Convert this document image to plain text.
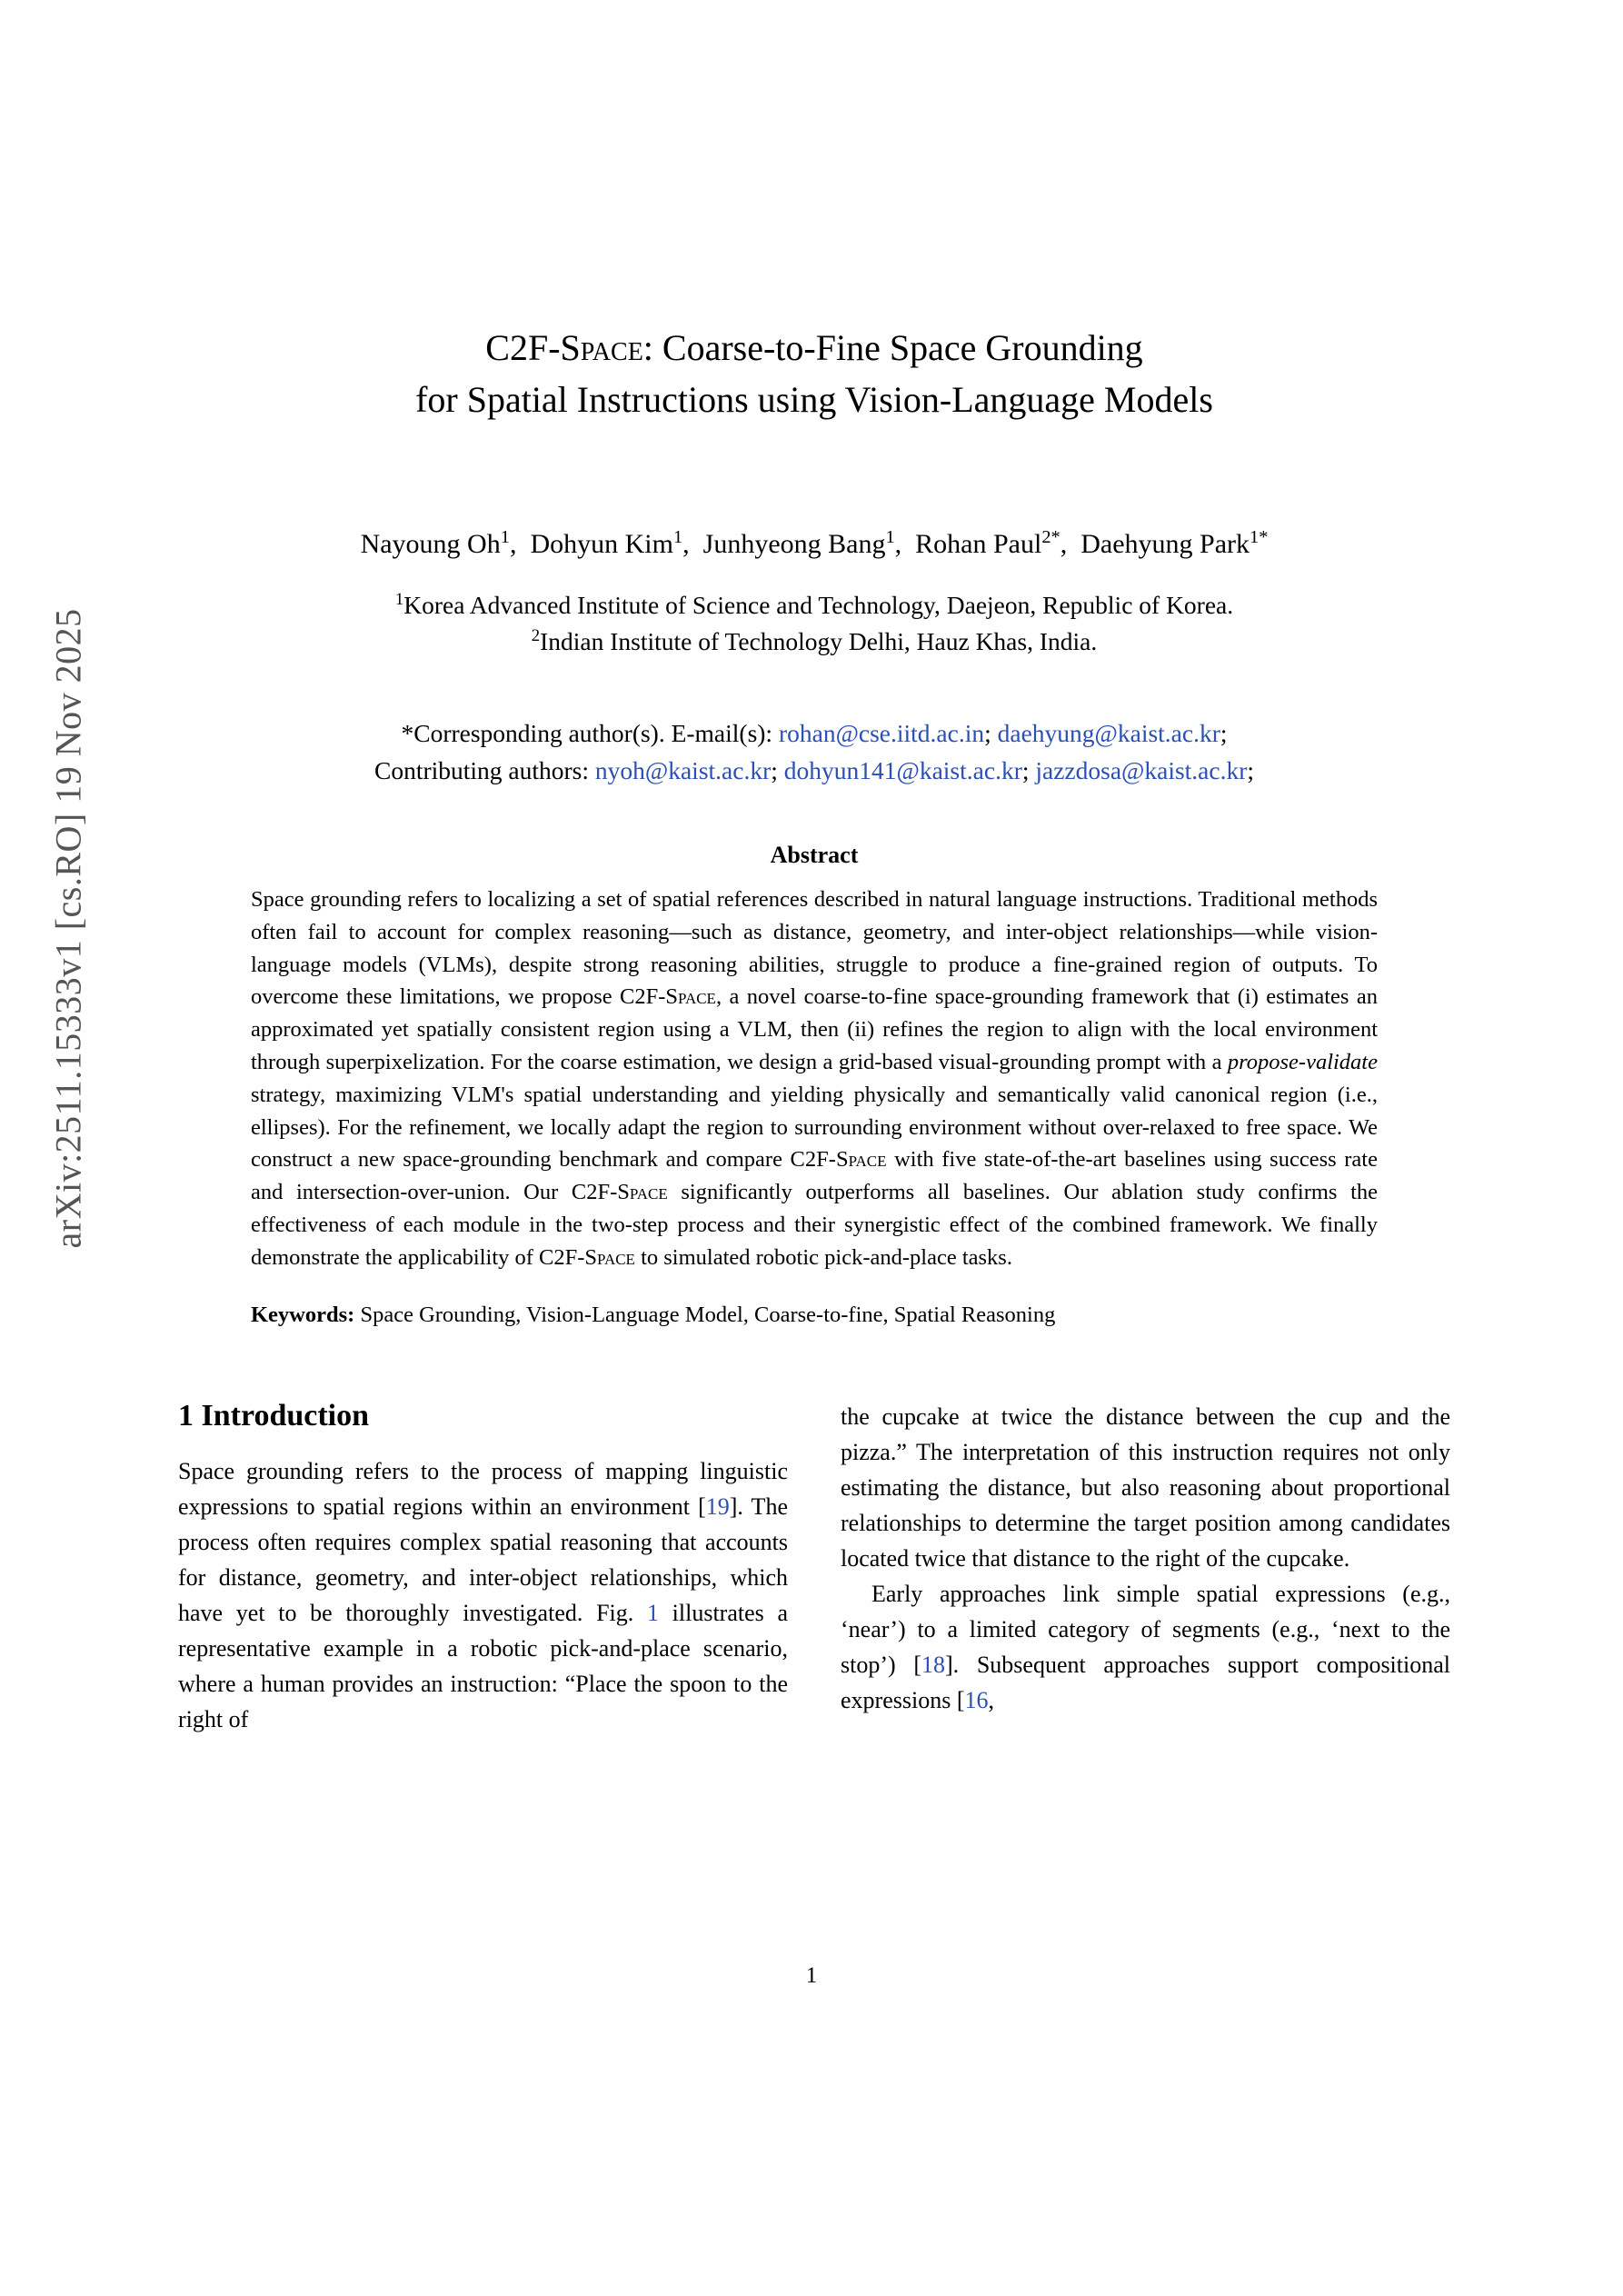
arXiv:2511.15333v1 [cs.RO] 19 Nov 2025
C2F-Space: Coarse-to-Fine Space Grounding
for Spatial Instructions using Vision-Language Models
Nayoung Oh$^1$,  Dohyun Kim$^1$,  Junhyeong Bang$^1$,  Rohan Paul$^{2*}$,  Daehyung Park$^{1*}$
$^1$Korea Advanced Institute of Science and Technology, Daejeon, Republic of Korea.
$^2$Indian Institute of Technology Delhi, Hauz Khas, India.
*Corresponding author(s). E-mail(s): rohan@cse.iitd.ac.in; daehyung@kaist.ac.kr;
Contributing authors: nyoh@kaist.ac.kr; dohyun141@kaist.ac.kr; jazzdosa@kaist.ac.kr;
Abstract
Space grounding refers to localizing a set of spatial references described in natural language instructions. Traditional methods often fail to account for complex reasoning—such as distance, geometry, and inter-object relationships—while vision-language models (VLMs), despite strong reasoning abilities, struggle to produce a fine-grained region of outputs. To overcome these limitations, we propose C2F-Space, a novel coarse-to-fine space-grounding framework that (i) estimates an approximated yet spatially consistent region using a VLM, then (ii) refines the region to align with the local environment through superpixelization. For the coarse estimation, we design a grid-based visual-grounding prompt with a propose-validate strategy, maximizing VLM's spatial understanding and yielding physically and semantically valid canonical region (i.e., ellipses). For the refinement, we locally adapt the region to surrounding environment without over-relaxed to free space. We construct a new space-grounding benchmark and compare C2F-Space with five state-of-the-art baselines using success rate and intersection-over-union. Our C2F-Space significantly outperforms all baselines. Our ablation study confirms the effectiveness of each module in the two-step process and their synergistic effect of the combined framework. We finally demonstrate the applicability of C2F-Space to simulated robotic pick-and-place tasks.
Keywords: Space Grounding, Vision-Language Model, Coarse-to-fine, Spatial Reasoning
1 Introduction

Space grounding refers to the process of mapping linguistic expressions to spatial regions within an environment [19]. The process often requires complex spatial reasoning that accounts for distance, geometry, and inter-object relationships, which have yet to be thoroughly investigated. Fig. 1 illustrates a representative example in a robotic pick-and-place scenario, where a human provides an instruction: “Place the spoon to the right of

the cupcake at twice the distance between the cup and the pizza.” The interpretation of this instruction requires not only estimating the distance, but also reasoning about proportional relationships to determine the target position among candidates located twice that distance to the right of the cupcake.

Early approaches link simple spatial expressions (e.g., ‘near’) to a limited category of segments (e.g., ‘next to the stop’) [18]. Subsequent approaches support compositional expressions [16,

1
